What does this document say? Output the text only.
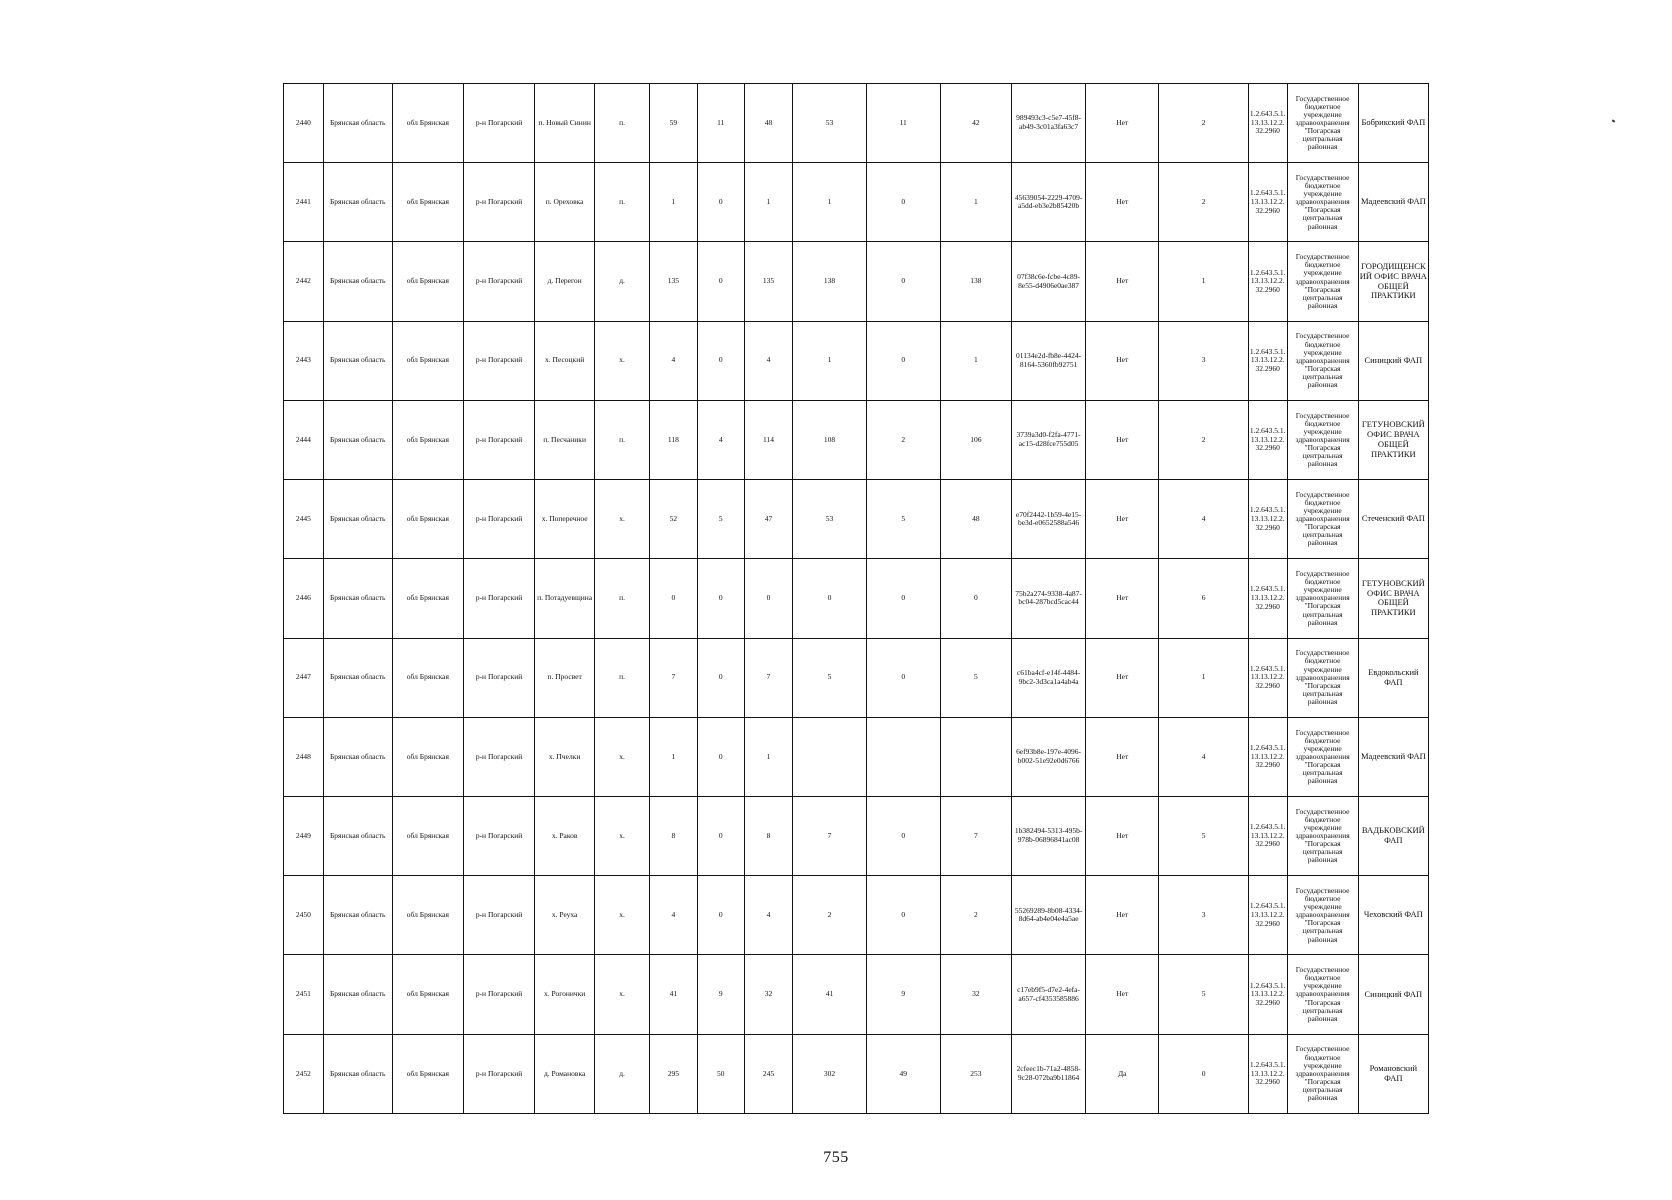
2440	Брянская область	обл Брянская	р-н Погарский	п. Новый Синин	п.	59	11	48	53	11	42	989493c3-c5e7-45f8-ab49-3c01a3fa63c7	Нет	2	1.2.643.5.1.13.13.12.2.32.2960	Государственное бюджетное учреждение здравоохранения "Погарская центральная районная	Бобрикский ФАП
2441	Брянская область	обл Брянская	р-н Погарский	п. Ореховка	п.	1	0	1	1	0	1	45639054-2229-4709-a5dd-eb3e2b85420b	Нет	2	1.2.643.5.1.13.13.12.2.32.2960	Государственное бюджетное учреждение здравоохранения "Погарская центральная районная	Мадеевский ФАП
2442	Брянская область	обл Брянская	р-н Погарский	д. Перегон	д.	135	0	135	138	0	138	07f38c6e-fcbe-4c89-8e55-d4906e0ae387	Нет	1	1.2.643.5.1.13.13.12.2.32.2960	Государственное бюджетное учреждение здравоохранения "Погарская центральная районная	ГОРОДИЩЕНСКИЙ ОФИС ВРАЧА ОБЩЕЙ ПРАКТИКИ
2443	Брянская область	обл Брянская	р-н Погарский	х. Песоцкий	х.	4	0	4	1	0	1	01134e2d-fb8e-4424-8164-5360fb92751	Нет	3	1.2.643.5.1.13.13.12.2.32.2960	Государственное бюджетное учреждение здравоохранения "Погарская центральная районная	Синицкий ФАП
2444	Брянская область	обл Брянская	р-н Погарский	п. Песчаники	п.	118	4	114	108	2	106	3739a3d0-f2fa-4771-ac15-d28fce755d05	Нет	2	1.2.643.5.1.13.13.12.2.32.2960	Государственное бюджетное учреждение здравоохранения "Погарская центральная районная	ГЕТУНОВСКИЙ ОФИС ВРАЧА ОБЩЕЙ ПРАКТИКИ
2445	Брянская область	обл Брянская	р-н Погарский	х. Поперечное	х.	52	5	47	53	5	48	e70f2442-1b59-4e15-be3d-e0652588a546	Нет	4	1.2.643.5.1.13.13.12.2.32.2960	Государственное бюджетное учреждение здравоохранения "Погарская центральная районная	Стеченский ФАП
2446	Брянская область	обл Брянская	р-н Погарский	п. Потадуевщина	п.	0	0	0	0	0	0	75b2a274-9338-4a87-bc04-287bcd5cac44	Нет	6	1.2.643.5.1.13.13.12.2.32.2960	Государственное бюджетное учреждение здравоохранения "Погарская центральная районная	ГЕТУНОВСКИЙ ОФИС ВРАЧА ОБЩЕЙ ПРАКТИКИ
2447	Брянская область	обл Брянская	р-н Погарский	п. Просвет	п.	7	0	7	5	0	5	c61ba4cf-e14f-4484-9bc2-3d3ca1a4ab4a	Нет	1	1.2.643.5.1.13.13.12.2.32.2960	Государственное бюджетное учреждение здравоохранения "Погарская центральная районная	Евдокольский ФАП
2448	Брянская область	обл Брянская	р-н Погарский	х. Пчелки	х.	1	0	1				6ef93b8e-197e-4096-b002-51e92e0d6766	Нет	4	1.2.643.5.1.13.13.12.2.32.2960	Государственное бюджетное учреждение здравоохранения "Погарская центральная районная	Мадеевский ФАП
2449	Брянская область	обл Брянская	р-н Погарский	х. Раков	х.	8	0	8	7	0	7	1b382494-5313-495b-978b-06896841ac08	Нет	5	1.2.643.5.1.13.13.12.2.32.2960	Государственное бюджетное учреждение здравоохранения "Погарская центральная районная	ВАДЬКОВСКИЙ ФАП
2450	Брянская область	обл Брянская	р-н Погарский	х. Реуха	х.	4	0	4	2	0	2	55269289-8b08-4334-8d64-ab4e04e4a5ae	Нет	3	1.2.643.5.1.13.13.12.2.32.2960	Государственное бюджетное учреждение здравоохранения "Погарская центральная районная	Чеховский ФАП
2451	Брянская область	обл Брянская	р-н Погарский	х. Рогонички	х.	41	9	32	41	9	32	c17eb9f5-d7e2-4efa-a657-cf4353585886	Нет	5	1.2.643.5.1.13.13.12.2.32.2960	Государственное бюджетное учреждение здравоохранения "Погарская центральная районная	Синицкий ФАП
2452	Брянская область	обл Брянская	р-н Погарский	д. Романовка	д.	295	50	245	302	49	253	2cfeec1b-71a2-4858-9c28-072ba9b11864	Да	0	1.2.643.5.1.13.13.12.2.32.2960	Государственное бюджетное учреждение здравоохранения "Погарская центральная районная	Романовский ФАП
755
